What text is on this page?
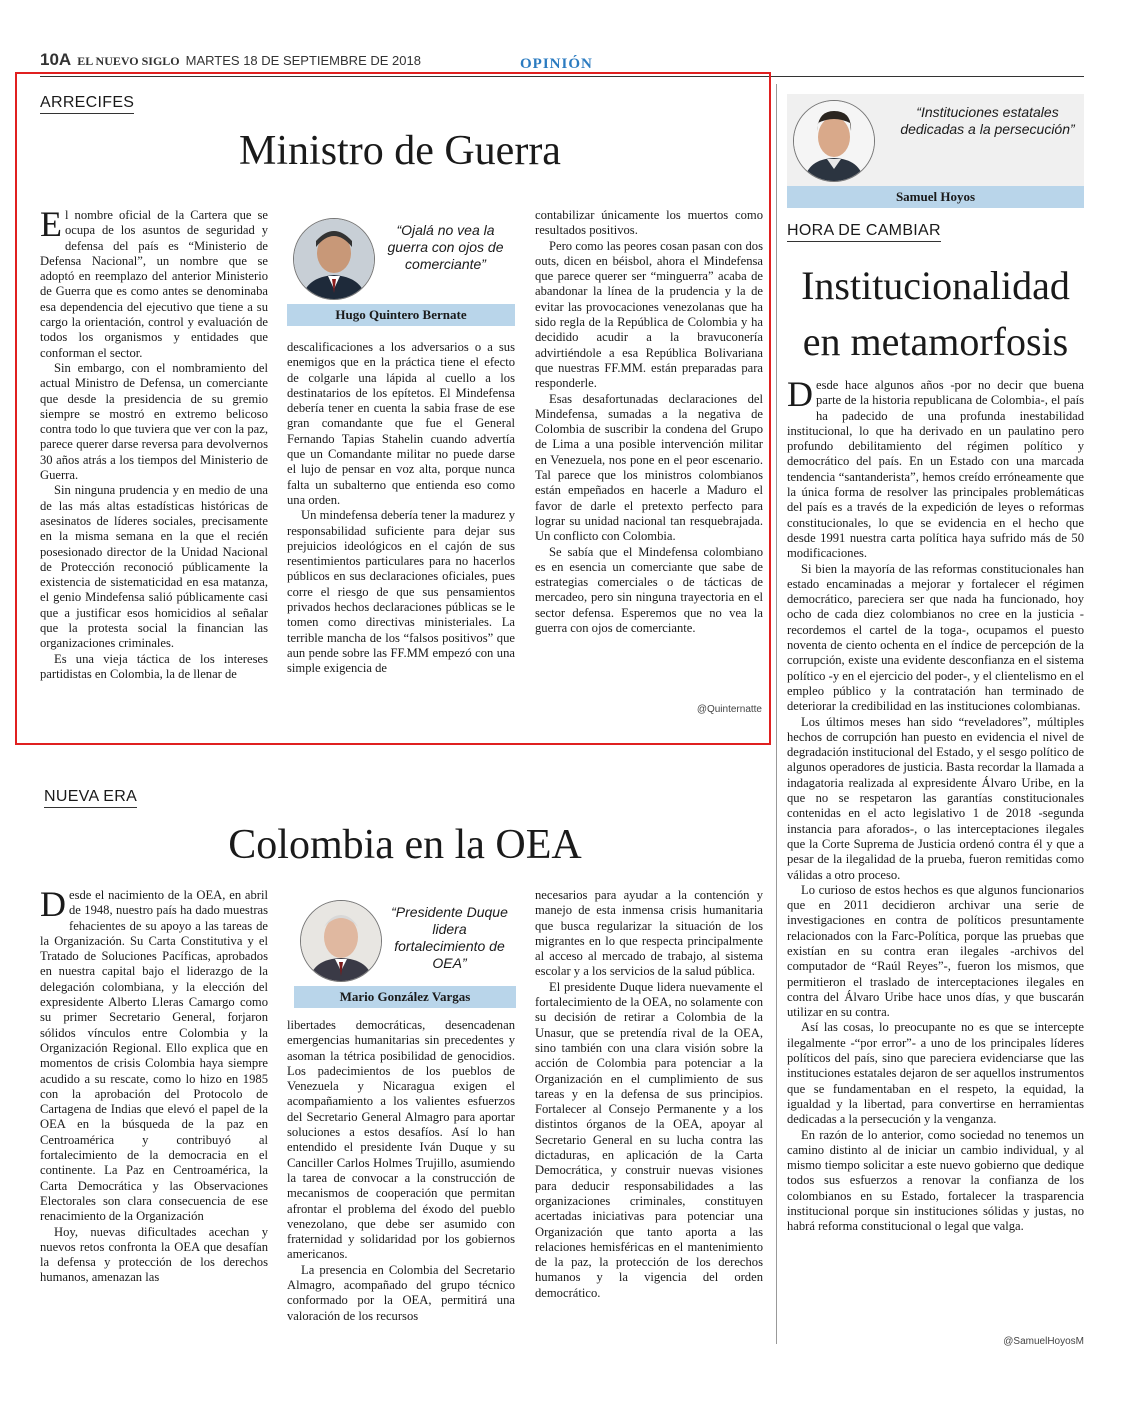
10A EL NUEVO SIGLO MARTES 18 DE SEPTIEMBRE DE 2018	OPINIÓN
ARRECIFES
Ministro de Guerra

El nombre oficial de la Cartera que se ocupa de los asuntos de seguridad y defensa del país es “Ministerio de Defensa Nacional”, un nombre que se adoptó en reemplazo del anterior Ministerio de Guerra que es como antes se denominaba esa dependencia del ejecutivo que tiene a su cargo la orientación, control y evaluación de todos los organismos y entidades que conforman el sector.

Sin embargo, con el nombramiento del actual Ministro de Defensa, un comerciante que desde la presidencia de su gremio siempre se mostró en extremo belicoso contra todo lo que tuviera que ver con la paz, parece querer darse reversa para devolvernos 30 años atrás a los tiempos del Ministerio de Guerra.

Sin ninguna prudencia y en medio de una de las más altas estadísticas históricas de asesinatos de líderes sociales, precisamente en la misma semana en la que el recién posesionado director de la Unidad Nacional de Protección reconoció públicamente la existencia de sistematicidad en esa matanza, el genio Mindefensa salió públicamente casi que a justificar esos homicidios al señalar que la protesta social la financian las organizaciones criminales.

Es una vieja táctica de los intereses partidistas en Colombia, la de llenar de

“Ojalá no vea la guerra con ojos de comerciante”
Hugo Quintero Bernate

descalificaciones a los adversarios o a sus enemigos que en la práctica tiene el efecto de colgarle una lápida al cuello a los destinatarios de los epítetos. El Mindefensa debería tener en cuenta la sabia frase de ese gran comandante que fue el General Fernando Tapias Stahelin cuando advertía que un Comandante militar no puede darse el lujo de pensar en voz alta, porque nunca falta un subalterno que entienda eso como una orden.

Un mindefensa debería tener la madurez y responsabilidad suficiente para dejar sus prejuicios ideológicos en el cajón de sus resentimientos particulares para no hacerlos públicos en sus declaraciones oficiales, pues corre el riesgo de que sus pensamientos privados hechos declaraciones públicas se le tomen como directivas ministeriales. La terrible mancha de los “falsos positivos” que aun pende sobre las FF.MM empezó con una simple exigencia de

contabilizar únicamente los muertos como resultados positivos.

Pero como las peores cosan pasan con dos outs, dicen en béisbol, ahora el Mindefensa que parece querer ser “minguerra” acaba de abandonar la línea de la prudencia y la de evitar las provocaciones venezolanas que ha sido regla de la República de Colombia y ha decidido acudir a la bravuconería advirtiéndole a esa República Bolivariana que nuestras FF.MM. están preparadas para responderle.

Esas desafortunadas declaraciones del Mindefensa, sumadas a la negativa de Colombia de suscribir la condena del Grupo de Lima a una posible intervención militar en Venezuela, nos pone en el peor escenario. Tal parece que los ministros colombianos están empeñados en hacerle a Maduro el favor de darle el pretexto perfecto para lograr su unidad nacional tan resquebrajada. Un conflicto con Colombia.

Se sabía que el Mindefensa colombiano es en esencia un comerciante que sabe de estrategias comerciales o de tácticas de mercadeo, pero sin ninguna trayectoria en el sector defensa. Esperemos que no vea la guerra con ojos de comerciante.

@Quinternatte
“Instituciones estatales dedicadas a la persecución”
Samuel Hoyos
HORA DE CAMBIAR
Institucionalidad en metamorfosis

Desde hace algunos años -por no decir que buena parte de la historia republicana de Colombia-, el país ha padecido de una profunda inestabilidad institucional, lo que ha derivado en un paulatino pero profundo debilitamiento del régimen político y democrático del país. En un Estado con una marcada tendencia “santanderista”, hemos creído erróneamente que la única forma de resolver las principales problemáticas del país es a través de la expedición de leyes o reformas constitucionales, lo que se evidencia en el hecho que desde 1991 nuestra carta política haya sufrido más de 50 modificaciones.

Si bien la mayoría de las reformas constitucionales han estado encaminadas a mejorar y fortalecer el régimen democrático, pareciera ser que nada ha funcionado, hoy ocho de cada diez colombianos no cree en la justicia -recordemos el cartel de la toga-, ocupamos el puesto noventa de ciento ochenta en el índice de percepción de la corrupción, existe una evidente desconfianza en el sistema político -y en el ejercicio del poder-, y el clientelismo en el empleo público y la contratación han terminado de deteriorar la credibilidad en las instituciones colombianas.

Los últimos meses han sido “reveladores”, múltiples hechos de corrupción han puesto en evidencia el nivel de degradación institucional del Estado, y el sesgo político de algunos operadores de justicia. Basta recordar la llamada a indagatoria realizada al expresidente Álvaro Uribe, en la que no se respetaron las garantías constitucionales contenidas en el acto legislativo 1 de 2018 -segunda instancia para aforados-, o las interceptaciones ilegales que la Corte Suprema de Justicia ordenó contra él y que a pesar de la ilegalidad de la prueba, fueron remitidas como válidas a otro proceso.

Lo curioso de estos hechos es que algunos funcionarios que en 2011 decidieron archivar una serie de investigaciones en contra de políticos presuntamente relacionados con la Farc-Política, porque las pruebas que existían en su contra eran ilegales -archivos del computador de “Raúl Reyes”-, fueron los mismos, que permitieron el traslado de interceptaciones ilegales en contra del Álvaro Uribe hace unos días, y que buscarán utilizar en su contra.

Así las cosas, lo preocupante no es que se intercepte ilegalmente -“por error”- a uno de los principales líderes políticos del país, sino que pareciera evidenciarse que las instituciones estatales dejaron de ser aquellos instrumentos que se fundamentaban en el respeto, la equidad, la igualdad y la libertad, para convertirse en herramientas dedicadas a la persecución y la venganza.

En razón de lo anterior, como sociedad no tenemos un camino distinto al de iniciar un cambio individual, y al mismo tiempo solicitar a este nuevo gobierno que dedique todos sus esfuerzos a renovar la confianza de los colombianos en su Estado, fortalecer la trasparencia institucional porque sin instituciones sólidas y justas, no habrá reforma constitucional o legal que valga.

@SamuelHoyosM
NUEVA ERA
Colombia en la OEA

Desde el nacimiento de la OEA, en abril de 1948, nuestro país ha dado muestras fehacientes de su apoyo a las tareas de la Organización. Su Carta Constitutiva y el Tratado de Soluciones Pacíficas, aprobados en nuestra capital bajo el liderazgo de la delegación colombiana, y la elección del expresidente Alberto Lleras Camargo como su primer Secretario General, forjaron sólidos vínculos entre Colombia y la Organización Regional. Ello explica que en momentos de crisis Colombia haya siempre acudido a su rescate, como lo hizo en 1985 con la aprobación del Protocolo de Cartagena de Indias que elevó el papel de la OEA en la búsqueda de la paz en Centroamérica y contribuyó al fortalecimiento de la democracia en el continente. La Paz en Centroamérica, la Carta Democrática y las Observaciones Electorales son clara consecuencia de ese renacimiento de la Organización

Hoy, nuevas dificultades acechan y nuevos retos confronta la OEA que desafían la defensa y protección de los derechos humanos, amenazan las

“Presidente Duque lidera fortalecimiento de OEA”
Mario González Vargas

libertades democráticas, desencadenan emergencias humanitarias sin precedentes y asoman la tétrica posibilidad de genocidios. Los padecimientos de los pueblos de Venezuela y Nicaragua exigen el acompañamiento a los valientes esfuerzos del Secretario General Almagro para aportar soluciones a estos desafíos. Así lo han entendido el presidente Iván Duque y su Canciller Carlos Holmes Trujillo, asumiendo la tarea de convocar a la construcción de mecanismos de cooperación que permitan afrontar el problema del éxodo del pueblo venezolano, que debe ser asumido con fraternidad y solidaridad por los gobiernos americanos.

La presencia en Colombia del Secretario Almagro, acompañado del grupo técnico conformado por la OEA, permitirá una valoración de los recursos

necesarios para ayudar a la contención y manejo de esta inmensa crisis humanitaria que busca regularizar la situación de los migrantes en lo que respecta principalmente al acceso al mercado de trabajo, al sistema escolar y a los servicios de la salud pública.

El presidente Duque lidera nuevamente el fortalecimiento de la OEA, no solamente con su decisión de retirar a Colombia de la Unasur, que se pretendía rival de la OEA, sino también con una clara visión sobre la acción de Colombia para potenciar a la Organización en el cumplimiento de sus tareas y en la defensa de sus principios. Fortalecer al Consejo Permanente y a los distintos órganos de la OEA, apoyar al Secretario General en su lucha contra las dictaduras, en aplicación de la Carta Democrática, y construir nuevas visiones para deducir responsabilidades a las organizaciones criminales, constituyen acertadas iniciativas para potenciar una Organización que tanto aporta a las relaciones hemisféricas en el mantenimiento de la paz, la protección de los derechos humanos y la vigencia del orden democrático.
